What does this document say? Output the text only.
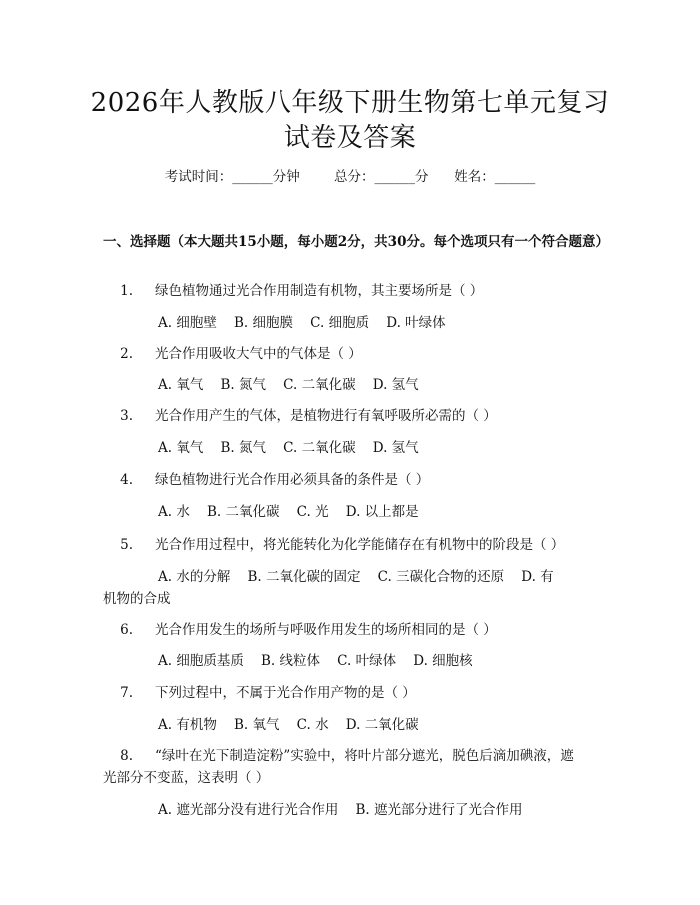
2026年人教版八年级下册生物第七单元复习
试卷及答案
考试时间：______分钟	总分：______分 姓名：______
一、选择题（本大题共15小题，每小题2分，共30分。每个选项只有一个符合题意）
1. 绿色植物通过光合作用制造有机物，其主要场所是（ ）
A. 细胞壁    B. 细胞膜    C. 细胞质    D. 叶绿体
2. 光合作用吸收大气中的气体是（ ）
A. 氧气    B. 氮气    C. 二氧化碳    D. 氢气
3. 光合作用产生的气体，是植物进行有氧呼吸所必需的（ ）
A. 氧气    B. 氮气    C. 二氧化碳    D. 氢气
4. 绿色植物进行光合作用必须具备的条件是（ ）
A. 水    B. 二氧化碳    C. 光    D. 以上都是
5. 光合作用过程中，将光能转化为化学能储存在有机物中的阶段是（ ）
A. 水的分解    B. 二氧化碳的固定    C. 三碳化合物的还原    D. 有
机物的合成
6. 光合作用发生的场所与呼吸作用发生的场所相同的是（ ）
A. 细胞质基质    B. 线粒体    C. 叶绿体    D. 细胞核
7. 下列过程中，不属于光合作用产物的是（ ）
A. 有机物    B. 氧气    C. 水    D. 二氧化碳
8. “绿叶在光下制造淀粉”实验中，将叶片部分遮光，脱色后滴加碘液，遮
光部分不变蓝，这表明（ ）
A. 遮光部分没有进行光合作用    B. 遮光部分进行了光合作用
